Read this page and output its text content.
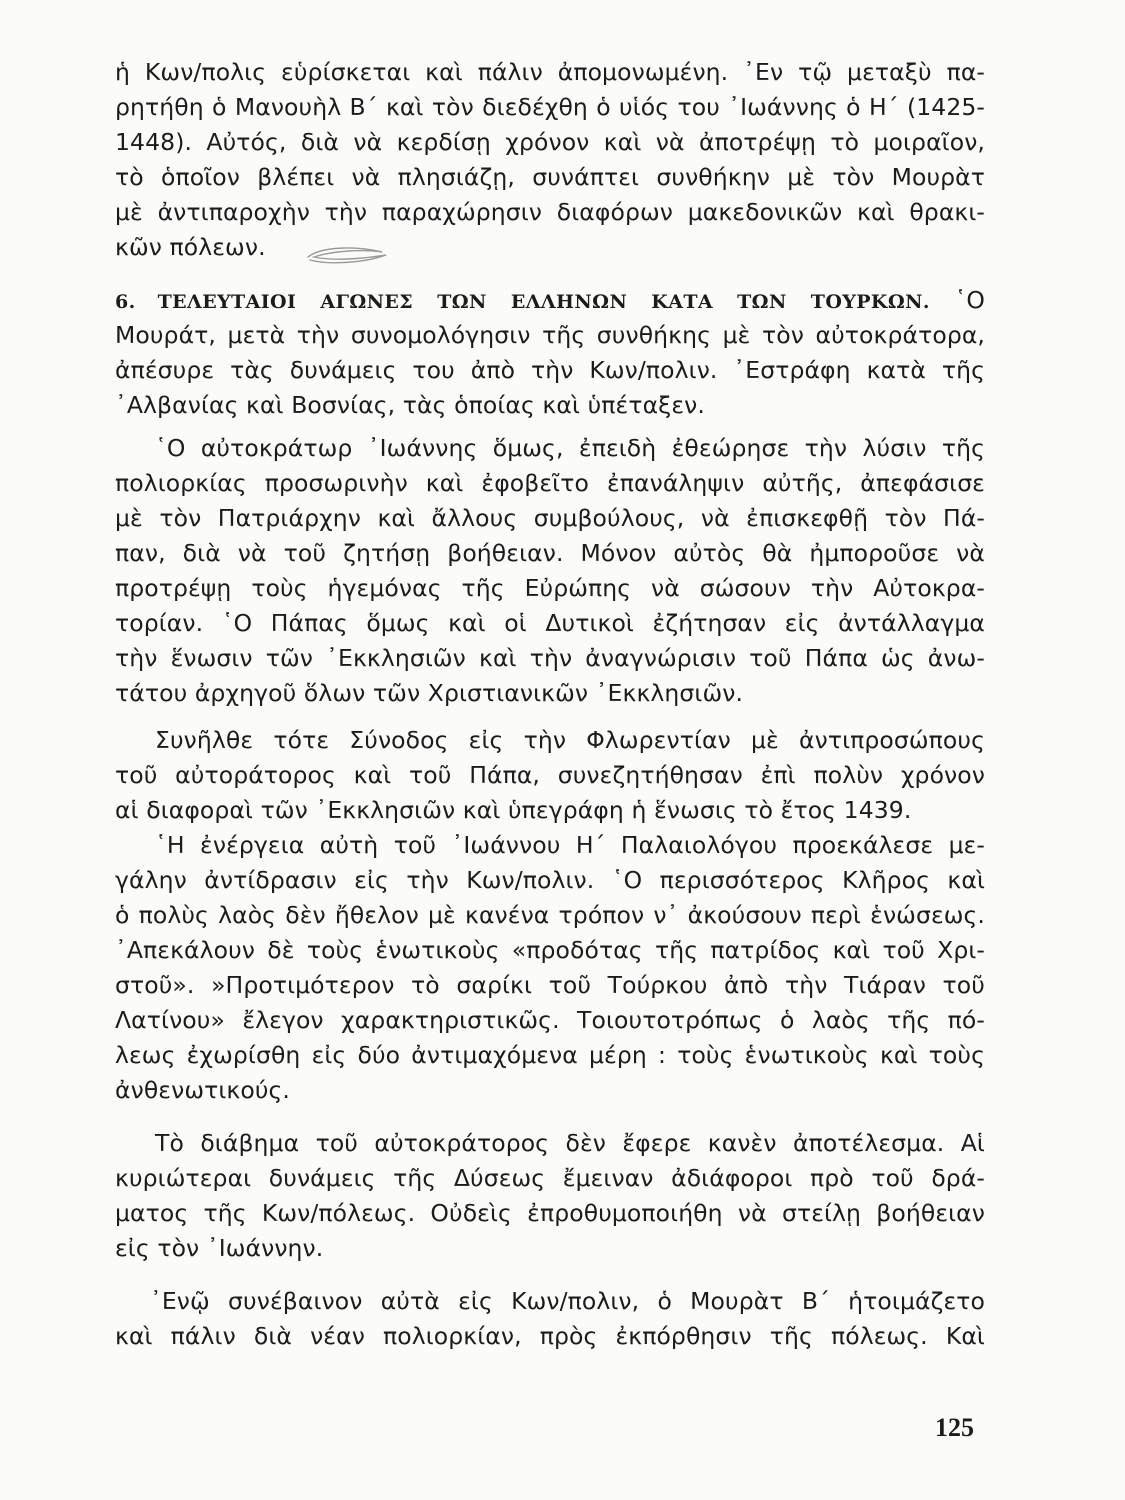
ἡ Κων/πολις εὑρίσκεται καὶ πάλιν ἀπομονωμένη. ᾿Εν τῷ μεταξὺ πα-
ρητήθη ὁ Μανουὴλ Β΄ καὶ τὸν διεδέχθη ὁ υἱός του ᾿Ιωάννης ὁ Η΄ (1425-
1448). Αὐτός, διὰ νὰ κερδίσῃ χρόνον καὶ νὰ ἀποτρέψῃ τὸ μοιραῖον,
τὸ ὁποῖον βλέπει νὰ πλησιάζῃ, συνάπτει συνθήκην μὲ τὸν Μουρὰτ
μὲ ἀντιπαροχὴν τὴν παραχώρησιν διαφόρων μακεδονικῶν καὶ θρακι-
κῶν πόλεων.
6. ΤΕΛΕΥΤΑΙΟΙ ΑΓΩΝΕΣ ΤΩΝ ΕΛΛΗΝΩΝ ΚΑΤΑ ΤΩΝ ΤΟΥΡΚΩΝ. ῾Ο
Μουράτ, μετὰ τὴν συνομολόγησιν τῆς συνθήκης μὲ τὸν αὐτοκράτορα,
ἀπέσυρε τὰς δυνάμεις του ἀπὸ τὴν Κων/πολιν. ᾿Εστράφη κατὰ τῆς
᾿Αλβανίας καὶ Βοσνίας, τὰς ὁποίας καὶ ὑπέταξεν.
῾Ο αὐτοκράτωρ ᾿Ιωάννης ὅμως, ἐπειδὴ ἐθεώρησε τὴν λύσιν τῆς
πολιορκίας προσωρινὴν καὶ ἐφοβεῖτο ἐπανάληψιν αὐτῆς, ἀπεφάσισε
μὲ τὸν Πατριάρχην καὶ ἄλλους συμβούλους, νὰ ἐπισκεφθῇ τὸν Πά-
παν, διὰ νὰ τοῦ ζητήσῃ βοήθειαν. Μόνον αὐτὸς θὰ ἠμποροῦσε νὰ
προτρέψῃ τοὺς ἡγεμόνας τῆς Εὐρώπης νὰ σώσουν τὴν Αὐτοκρα-
τορίαν. ῾Ο Πάπας ὅμως καὶ οἱ Δυτικοὶ ἐζήτησαν εἰς ἀντάλλαγμα
τὴν ἕνωσιν τῶν ᾿Εκκλησιῶν καὶ τὴν ἀναγνώρισιν τοῦ Πάπα ὡς ἀνω-
τάτου ἀρχηγοῦ ὅλων τῶν Χριστιανικῶν ᾿Εκκλησιῶν.
Συνῆλθε τότε Σύνοδος εἰς τὴν Φλωρεντίαν μὲ ἀντιπροσώπους
τοῦ αὐτοράτορος καὶ τοῦ Πάπα, συνεζητήθησαν ἐπὶ πολὺν χρόνον
αἱ διαφοραὶ τῶν ᾿Εκκλησιῶν καὶ ὑπεγράφη ἡ ἕνωσις τὸ ἔτος 1439.
῾Η ἐνέργεια αὐτὴ τοῦ ᾿Ιωάννου Η΄ Παλαιολόγου προεκάλεσε με-
γάλην ἀντίδρασιν εἰς τὴν Κων/πολιν. ῾Ο περισσότερος Κλῆρος καὶ
ὁ πολὺς λαὸς δὲν ἤθελον μὲ κανένα τρόπον ν᾿ ἀκούσουν περὶ ἑνώσεως.
᾿Απεκάλουν δὲ τοὺς ἑνωτικοὺς «προδότας τῆς πατρίδος καὶ τοῦ Χρι-
στοῦ». »Προτιμότερον τὸ σαρίκι τοῦ Τούρκου ἀπὸ τὴν Τιάραν τοῦ
Λατίνου» ἔλεγον χαρακτηριστικῶς. Τοιουτοτρόπως ὁ λαὸς τῆς πό-
λεως ἐχωρίσθη εἰς δύο ἀντιμαχόμενα μέρη : τοὺς ἑνωτικοὺς καὶ τοὺς
ἀνθενωτικούς.
Τὸ διάβημα τοῦ αὐτοκράτορος δὲν ἔφερε κανὲν ἀποτέλεσμα. Αἱ
κυριώτεραι δυνάμεις τῆς Δύσεως ἔμειναν ἀδιάφοροι πρὸ τοῦ δρά-
ματος τῆς Κων/πόλεως. Οὐδεὶς ἐπροθυμοποιήθη νὰ στείλῃ βοήθειαν
εἰς τὸν ᾿Ιωάννην.
᾿Ενῷ συνέβαινον αὐτὰ εἰς Κων/πολιν, ὁ Μουρὰτ Β΄ ἡτοιμάζετο
καὶ πάλιν διὰ νέαν πολιορκίαν, πρὸς ἐκπόρθησιν τῆς πόλεως. Καὶ
125
